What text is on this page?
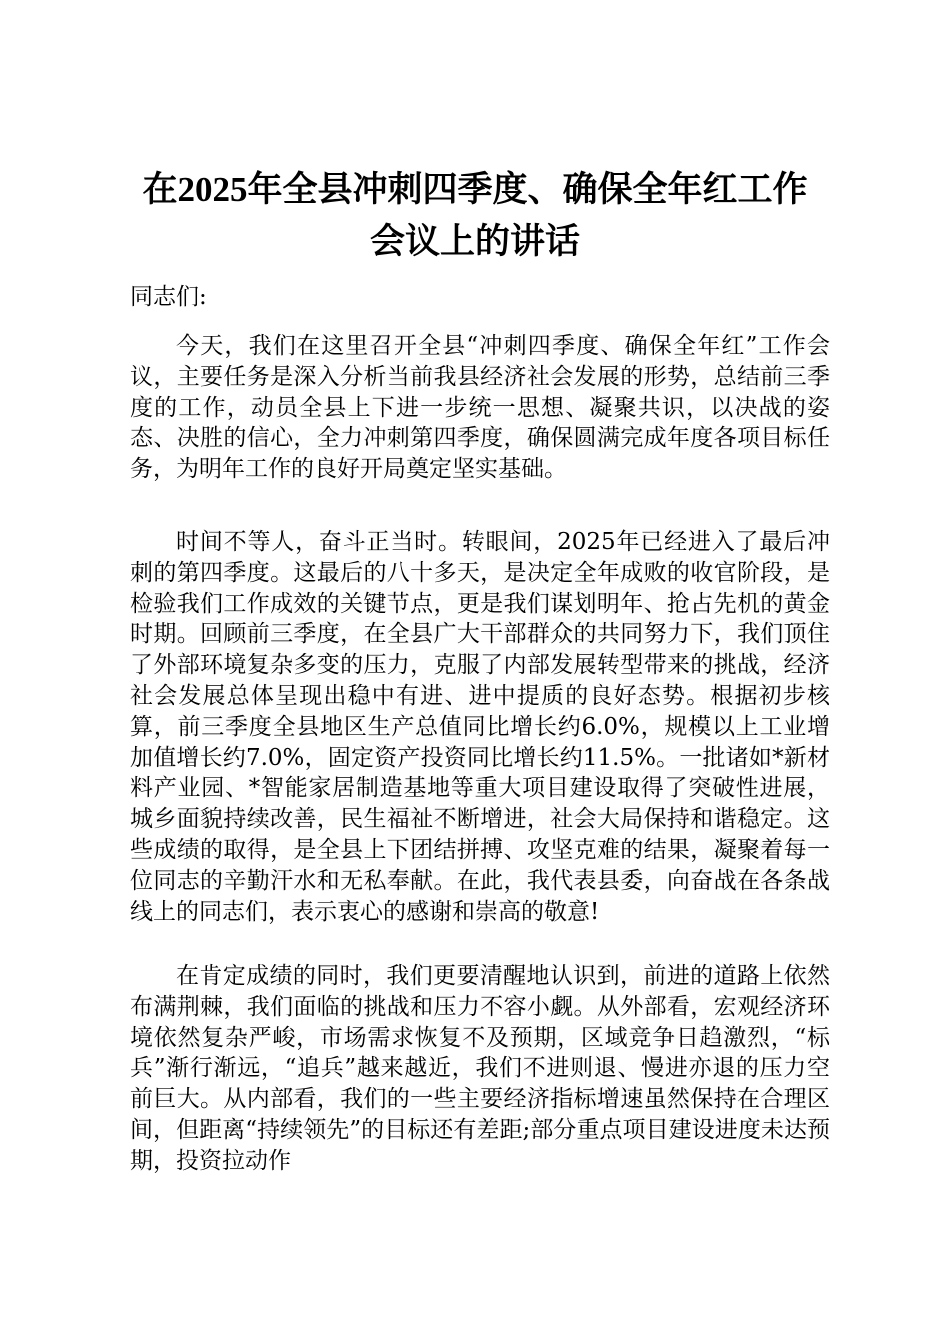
在2025年全县冲刺四季度、确保全年红工作
会议上的讲话

同志们:

今天，我们在这里召开全县“冲刺四季度、确保全年红”工作会议，主要任务是深入分析当前我县经济社会发展的形势，总结前三季度的工作，动员全县上下进一步统一思想、凝聚共识，以决战的姿态、决胜的信心，全力冲刺第四季度，确保圆满完成年度各项目标任务，为明年工作的良好开局奠定坚实基础。

时间不等人，奋斗正当时。转眼间，2025年已经进入了最后冲刺的第四季度。这最后的八十多天，是决定全年成败的收官阶段，是检验我们工作成效的关键节点，更是我们谋划明年、抢占先机的黄金时期。回顾前三季度，在全县广大干部群众的共同努力下，我们顶住了外部环境复杂多变的压力，克服了内部发展转型带来的挑战，经济社会发展总体呈现出稳中有进、进中提质的良好态势。根据初步核算，前三季度全县地区生产总值同比增长约6.0%，规模以上工业增加值增长约7.0%，固定资产投资同比增长约11.5%。一批诸如*新材料产业园、*智能家居制造基地等重大项目建设取得了突破性进展，城乡面貌持续改善，民生福祉不断增进，社会大局保持和谐稳定。这些成绩的取得，是全县上下团结拼搏、攻坚克难的结果，凝聚着每一位同志的辛勤汗水和无私奉献。在此，我代表县委，向奋战在各条战线上的同志们，表示衷心的感谢和崇高的敬意!

在肯定成绩的同时，我们更要清醒地认识到，前进的道路上依然布满荆棘，我们面临的挑战和压力不容小觑。从外部看，宏观经济环境依然复杂严峻，市场需求恢复不及预期，区域竞争日趋激烈，“标兵”渐行渐远，“追兵”越来越近，我们不进则退、慢进亦退的压力空前巨大。从内部看，我们的一些主要经济指标增速虽然保持在合理区间，但距离“持续领先”的目标还有差距;部分重点项目建设进度未达预期，投资拉动作
